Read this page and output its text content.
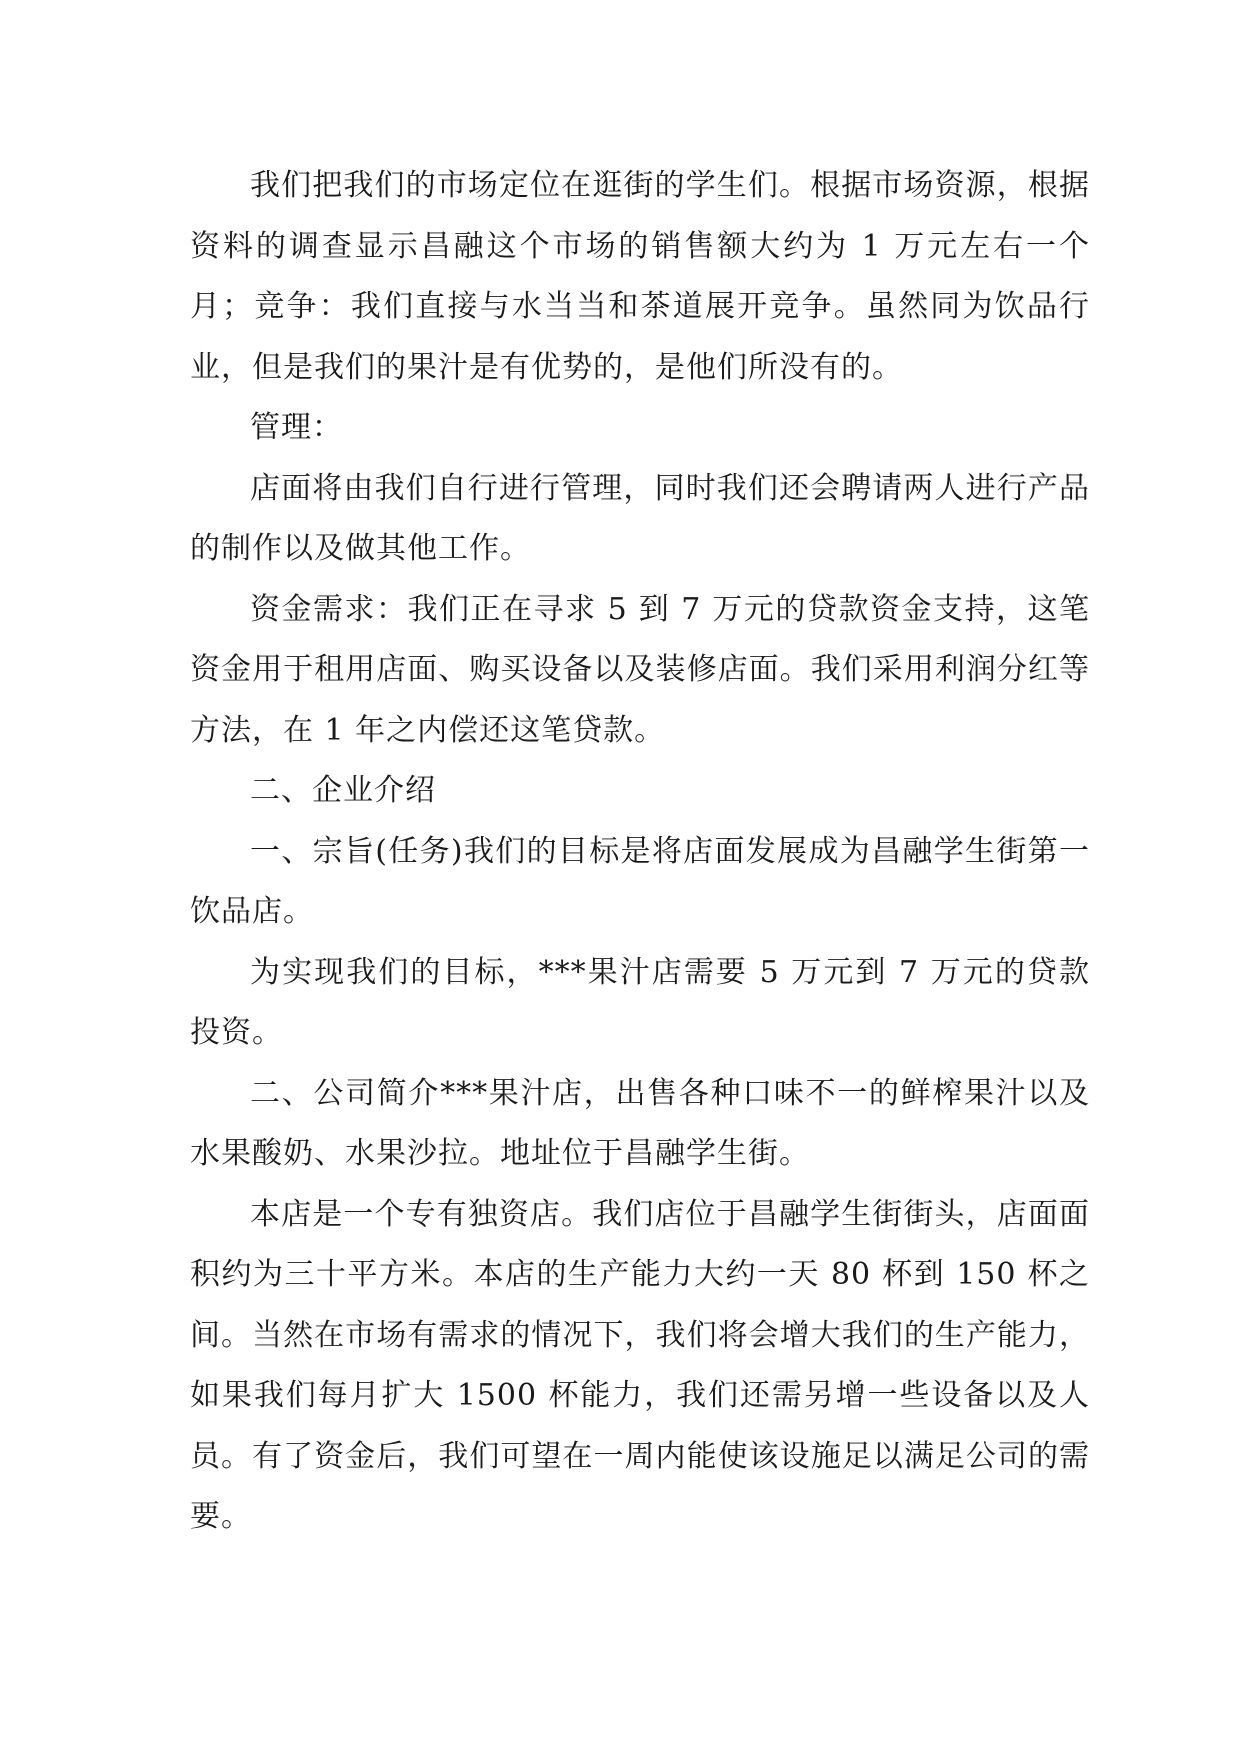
我们把我们的市场定位在逛街的学生们。根据市场资源，根据资料的调查显示昌融这个市场的销售额大约为 1 万元左右一个月；竞争：我们直接与水当当和茶道展开竞争。虽然同为饮品行业，但是我们的果汁是有优势的，是他们所没有的。

管理：

店面将由我们自行进行管理，同时我们还会聘请两人进行产品的制作以及做其他工作。

资金需求：我们正在寻求 5 到 7 万元的贷款资金支持，这笔资金用于租用店面、购买设备以及装修店面。我们采用利润分红等方法，在 1 年之内偿还这笔贷款。

二、企业介绍

一、宗旨(任务)我们的目标是将店面发展成为昌融学生街第一饮品店。

为实现我们的目标，***果汁店需要 5 万元到 7 万元的贷款投资。

二、公司简介***果汁店，出售各种口味不一的鲜榨果汁以及水果酸奶、水果沙拉。地址位于昌融学生街。

本店是一个专有独资店。我们店位于昌融学生街街头，店面面积约为三十平方米。本店的生产能力大约一天 80 杯到 150 杯之间。当然在市场有需求的情况下，我们将会增大我们的生产能力，如果我们每月扩大 1500 杯能力，我们还需另增一些设备以及人员。有了资金后，我们可望在一周内能使该设施足以满足公司的需要。
